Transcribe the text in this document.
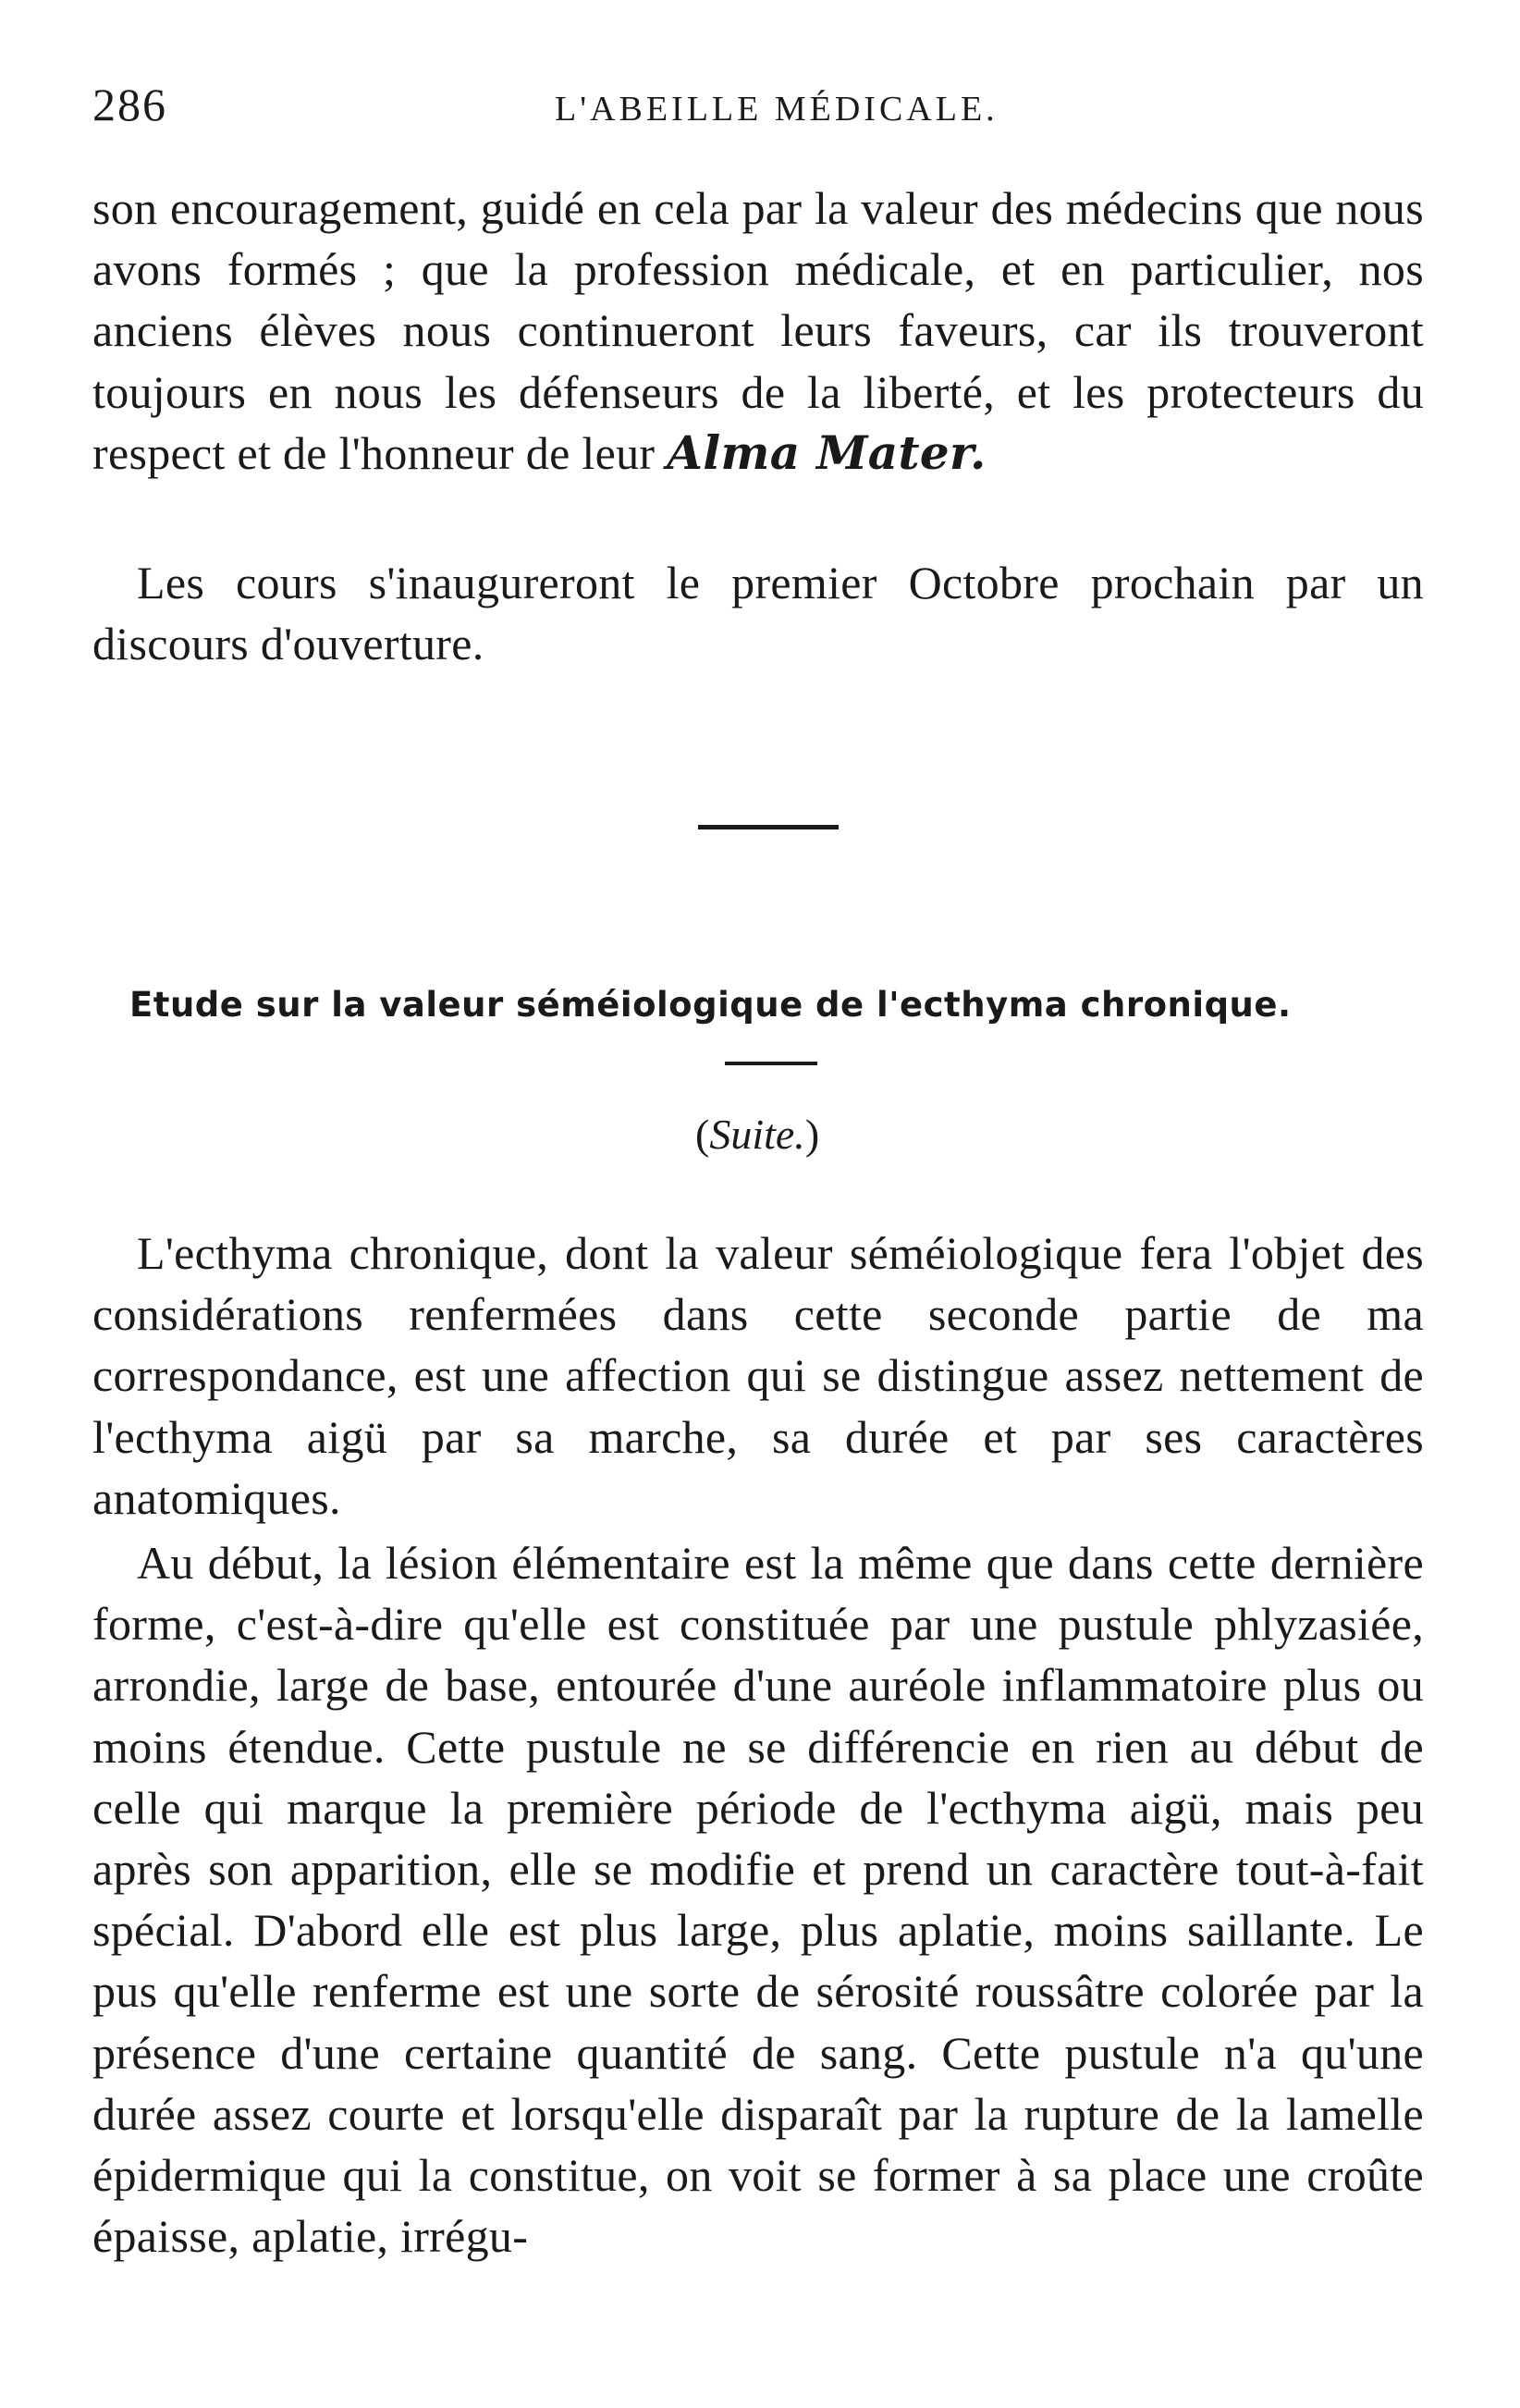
286	L'ABEILLE MÉDICALE.

son encouragement, guidé en cela par la valeur des médecins que nous avons formés ; que la profession médicale, et en particulier, nos anciens élèves nous continueront leurs faveurs, car ils trouveront toujours en nous les défenseurs de la liberté, et les protecteurs du respect et de l'honneur de leur Alma Mater.

Les cours s'inaugureront le premier Octobre prochain par un discours d'ouverture.

Etude sur la valeur séméiologique de l'ecthyma chronique.
(Suite.)

L'ecthyma chronique, dont la valeur séméiologique fera l'objet des considérations renfermées dans cette seconde partie de ma correspondance, est une affection qui se distingue assez nettement de l'ecthyma aigü par sa marche, sa durée et par ses caractères anatomiques.

Au début, la lésion élémentaire est la même que dans cette dernière forme, c'est-à-dire qu'elle est constituée par une pustule phlyzasiée, arrondie, large de base, entourée d'une auréole inflammatoire plus ou moins étendue. Cette pustule ne se différencie en rien au début de celle qui marque la première période de l'ecthyma aigü, mais peu après son apparition, elle se modifie et prend un caractère tout-à-fait spécial. D'abord elle est plus large, plus aplatie, moins saillante. Le pus qu'elle renferme est une sorte de sérosité roussâtre colorée par la présence d'une certaine quantité de sang. Cette pustule n'a qu'une durée assez courte et lorsqu'elle disparaît par la rupture de la lamelle épidermique qui la constitue, on voit se former à sa place une croûte épaisse, aplatie, irrégu-
